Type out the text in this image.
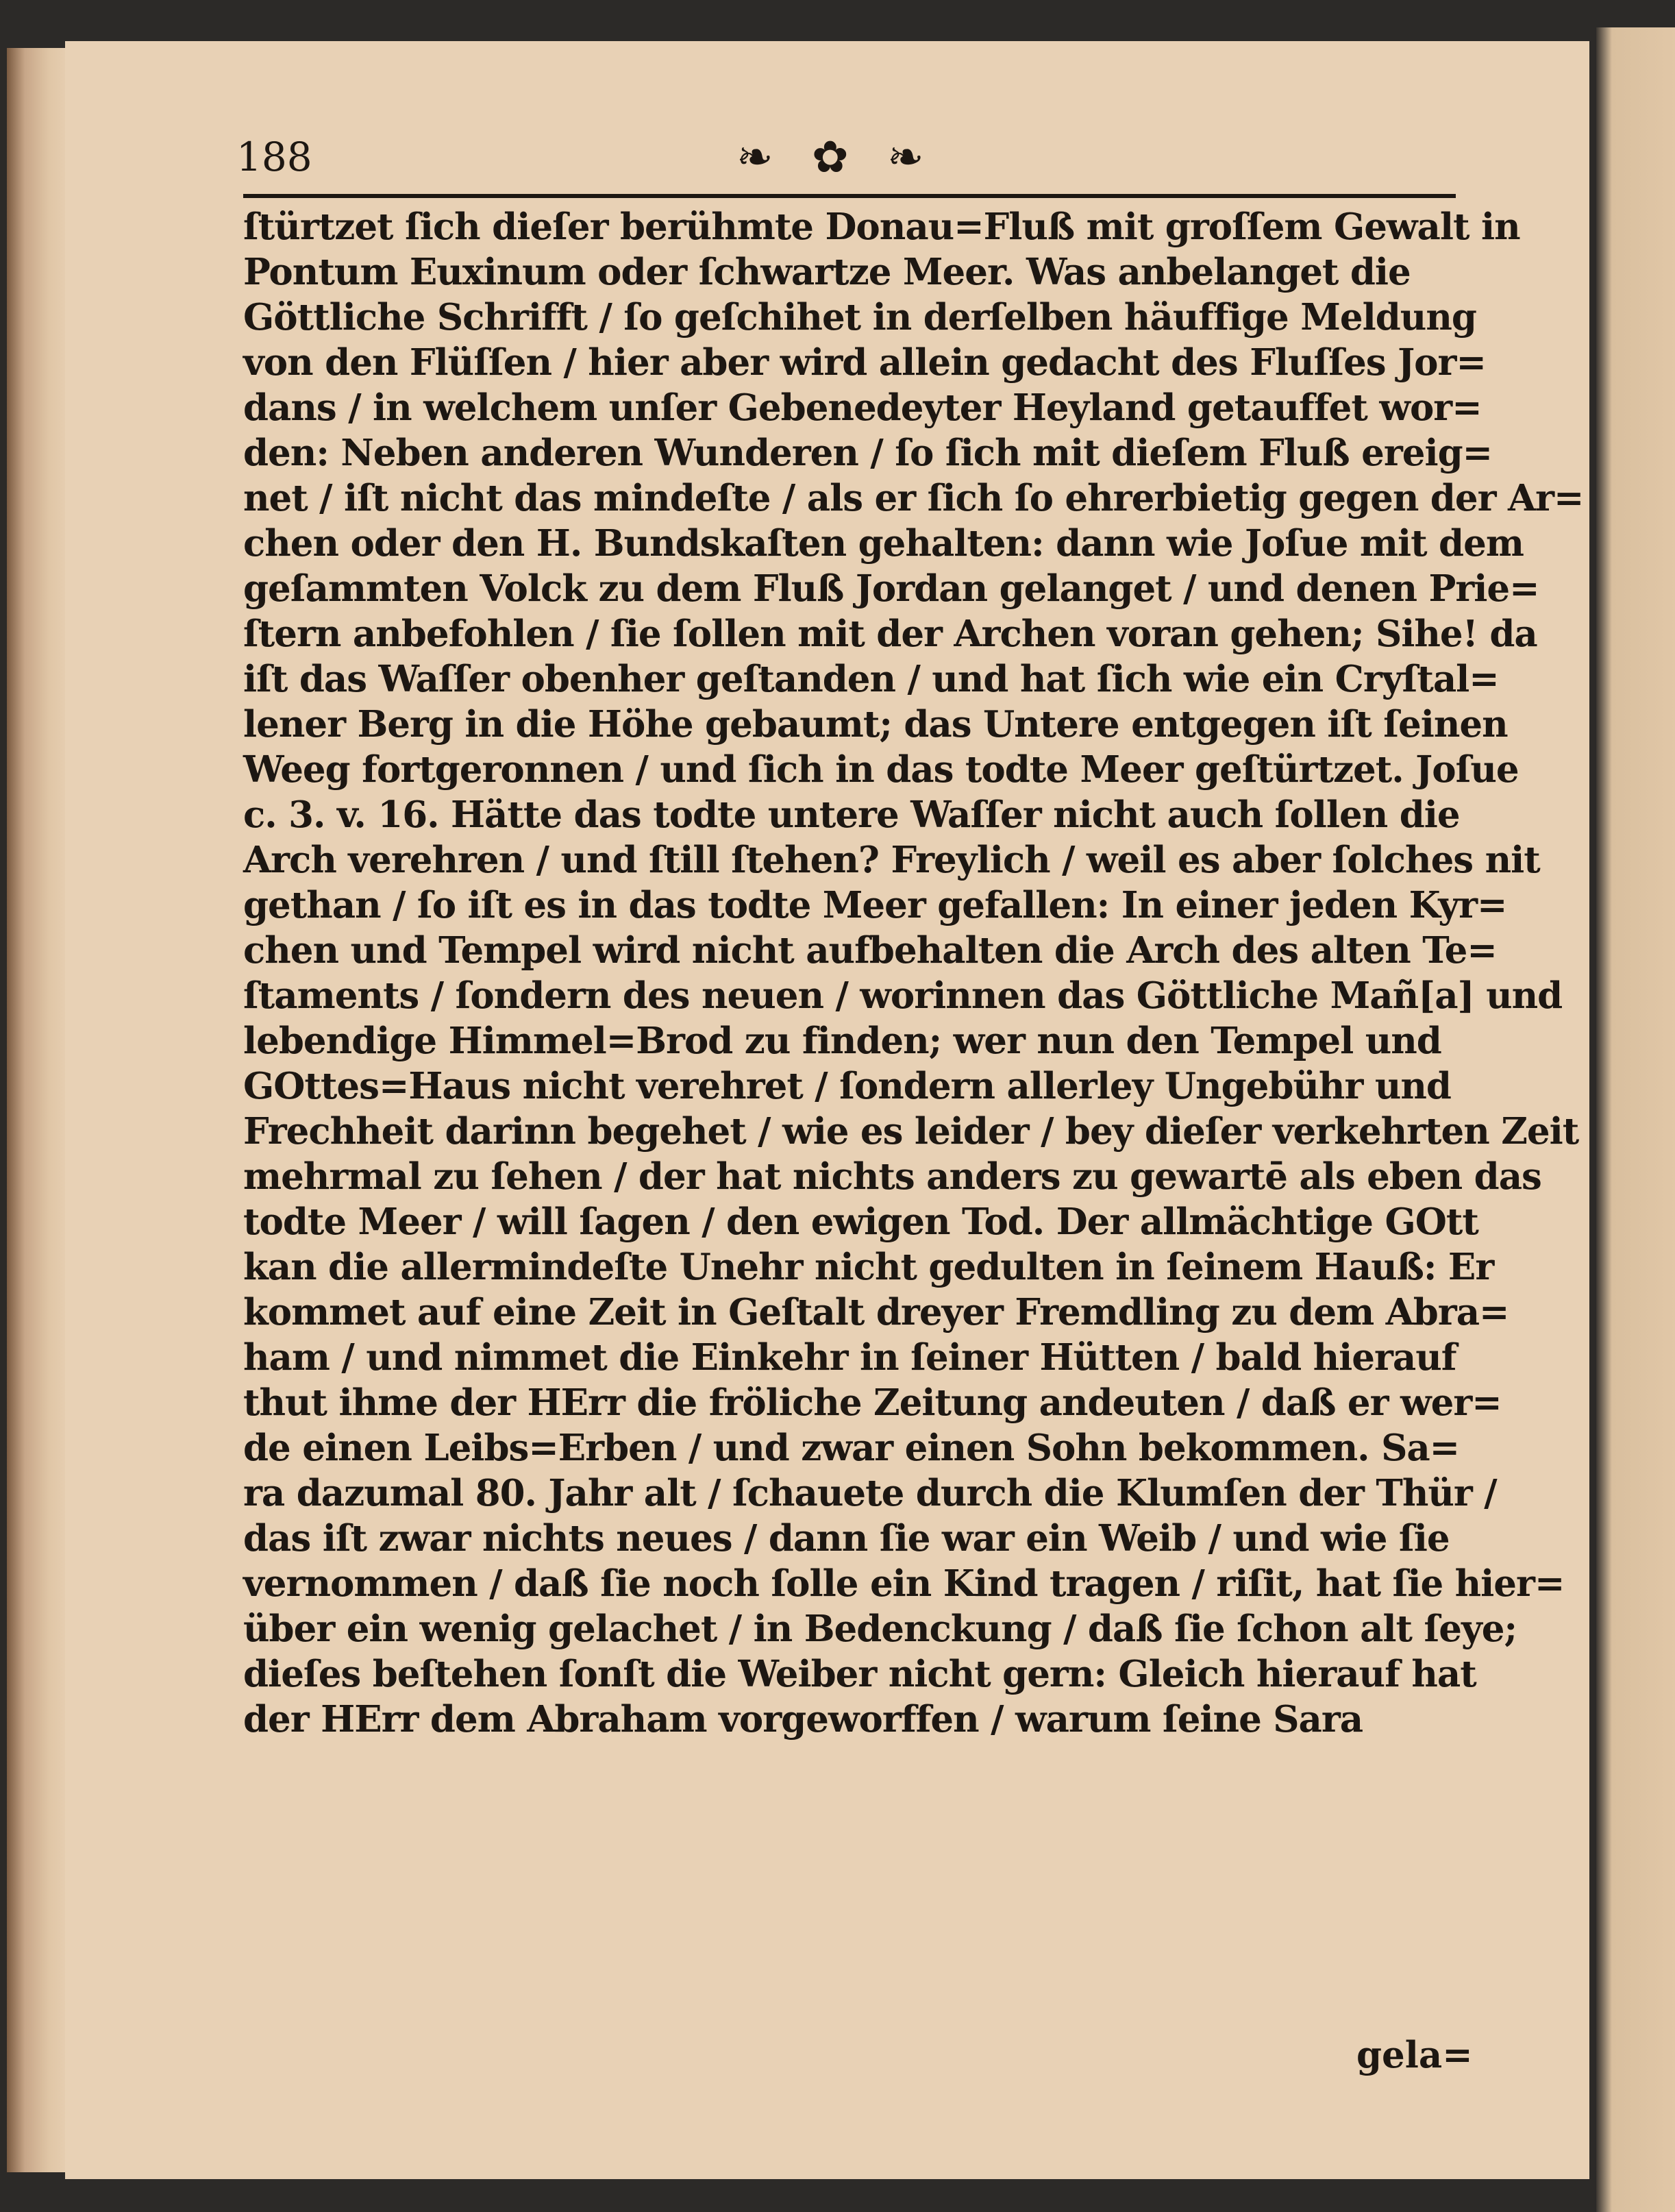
188	❧ ✿ ❧
ſtürtzet ſich dieſer berühmte Donau=Fluß mit groſſem Gewalt in
Pontum Euxinum oder ſchwartze Meer. Was anbelanget die
Göttliche Schrifft / ſo geſchihet in derſelben häuffige Meldung
von den Flüſſen / hier aber wird allein gedacht des Fluſſes Jor=
dans / in welchem unſer Gebenedeyter Heyland getauffet wor=
den: Neben anderen Wunderen / ſo ſich mit dieſem Fluß ereig=
net / iſt nicht das mindeſte / als er ſich ſo ehrerbietig gegen der Ar=
chen oder den H. Bundskaſten gehalten: dann wie Joſue mit dem
geſammten Volck zu dem Fluß Jordan gelanget / und denen Prie=
ſtern anbefohlen / ſie ſollen mit der Archen voran gehen; Sihe! da
iſt das Waſſer obenher geſtanden / und hat ſich wie ein Cryſtal=
lener Berg in die Höhe gebaumt; das Untere entgegen iſt ſeinen
Weeg fortgeronnen / und ſich in das todte Meer geſtürtzet. Joſue
c. 3. v. 16. Hätte das todte untere Waſſer nicht auch ſollen die
Arch verehren / und ſtill ſtehen? Freylich / weil es aber ſolches nit
gethan / ſo iſt es in das todte Meer gefallen: In einer jeden Kyr=
chen und Tempel wird nicht aufbehalten die Arch des alten Te=
ſtaments / ſondern des neuen / worinnen das Göttliche Mañ[a] und
lebendige Himmel=Brod zu finden; wer nun den Tempel und
GOttes=Haus nicht verehret / ſondern allerley Ungebühr und
Frechheit darinn begehet / wie es leider / bey dieſer verkehrten Zeit
mehrmal zu ſehen / der hat nichts anders zu gewartē als eben das
todte Meer / will ſagen / den ewigen Tod. Der allmächtige GOtt
kan die allermindeſte Unehr nicht gedulten in ſeinem Hauß: Er
kommet auf eine Zeit in Geſtalt dreyer Fremdling zu dem Abra=
ham / und nimmet die Einkehr in ſeiner Hütten / bald hierauf
thut ihme der HErr die fröliche Zeitung andeuten / daß er wer=
de einen Leibs=Erben / und zwar einen Sohn bekommen. Sa=
ra dazumal 80. Jahr alt / ſchauete durch die Klumſen der Thür /
das iſt zwar nichts neues / dann ſie war ein Weib / und wie ſie
vernommen / daß ſie noch ſolle ein Kind tragen / riſit, hat ſie hier=
über ein wenig gelachet / in Bedenckung / daß ſie ſchon alt ſeye;
dieſes beſtehen ſonſt die Weiber nicht gern: Gleich hierauf hat
der HErr dem Abraham vorgeworffen / warum ſeine Sara
gela=
